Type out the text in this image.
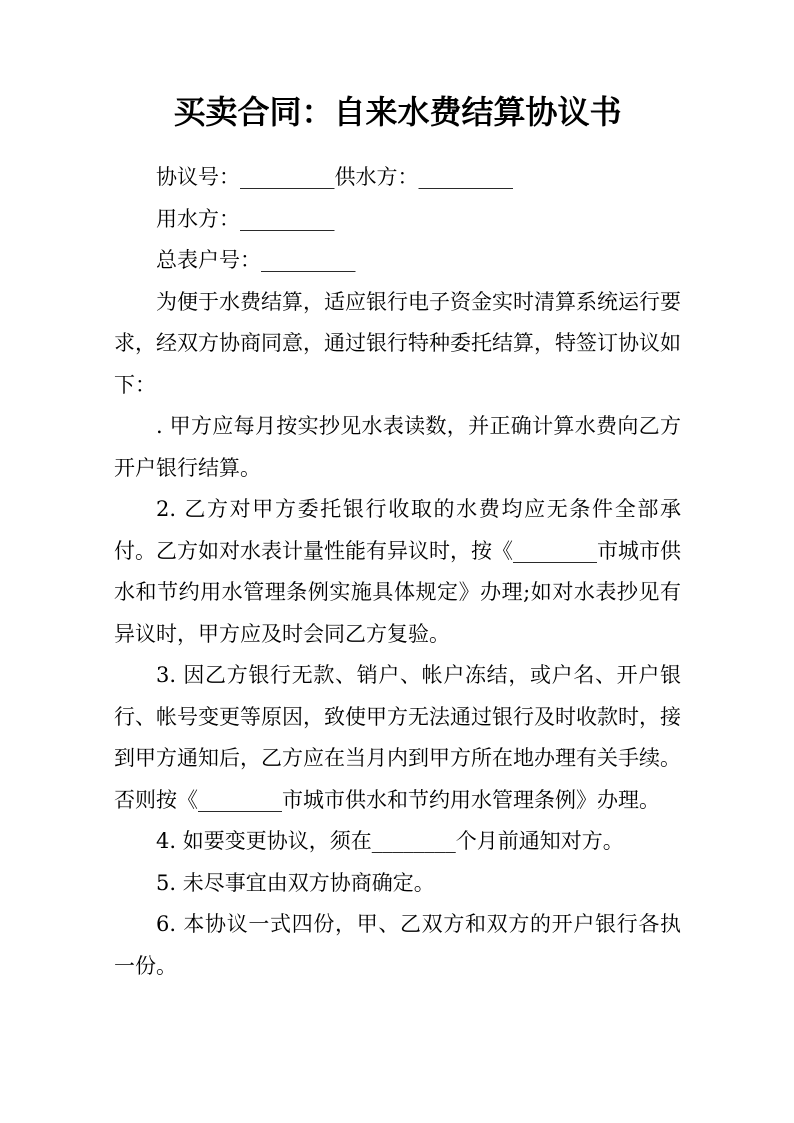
买卖合同：自来水费结算协议书

协议号：_________供水方：_________

用水方：_________

总表户号：_________

为便于水费结算，适应银行电子资金实时清算系统运行要求，经双方协商同意，通过银行特种委托结算，特签订协议如下：

. 甲方应每月按实抄见水表读数，并正确计算水费向乙方开户银行结算。

2. 乙方对甲方委托银行收取的水费均应无条件全部承付。乙方如对水表计量性能有异议时，按《________市城市供水和节约用水管理条例实施具体规定》办理;如对水表抄见有异议时，甲方应及时会同乙方复验。

3. 因乙方银行无款、销户、帐户冻结，或户名、开户银行、帐号变更等原因，致使甲方无法通过银行及时收款时，接到甲方通知后，乙方应在当月内到甲方所在地办理有关手续。否则按《________市城市供水和节约用水管理条例》办理。

4. 如要变更协议，须在________个月前通知对方。

5. 未尽事宜由双方协商确定。

6. 本协议一式四份，甲、乙双方和双方的开户银行各执一份。
